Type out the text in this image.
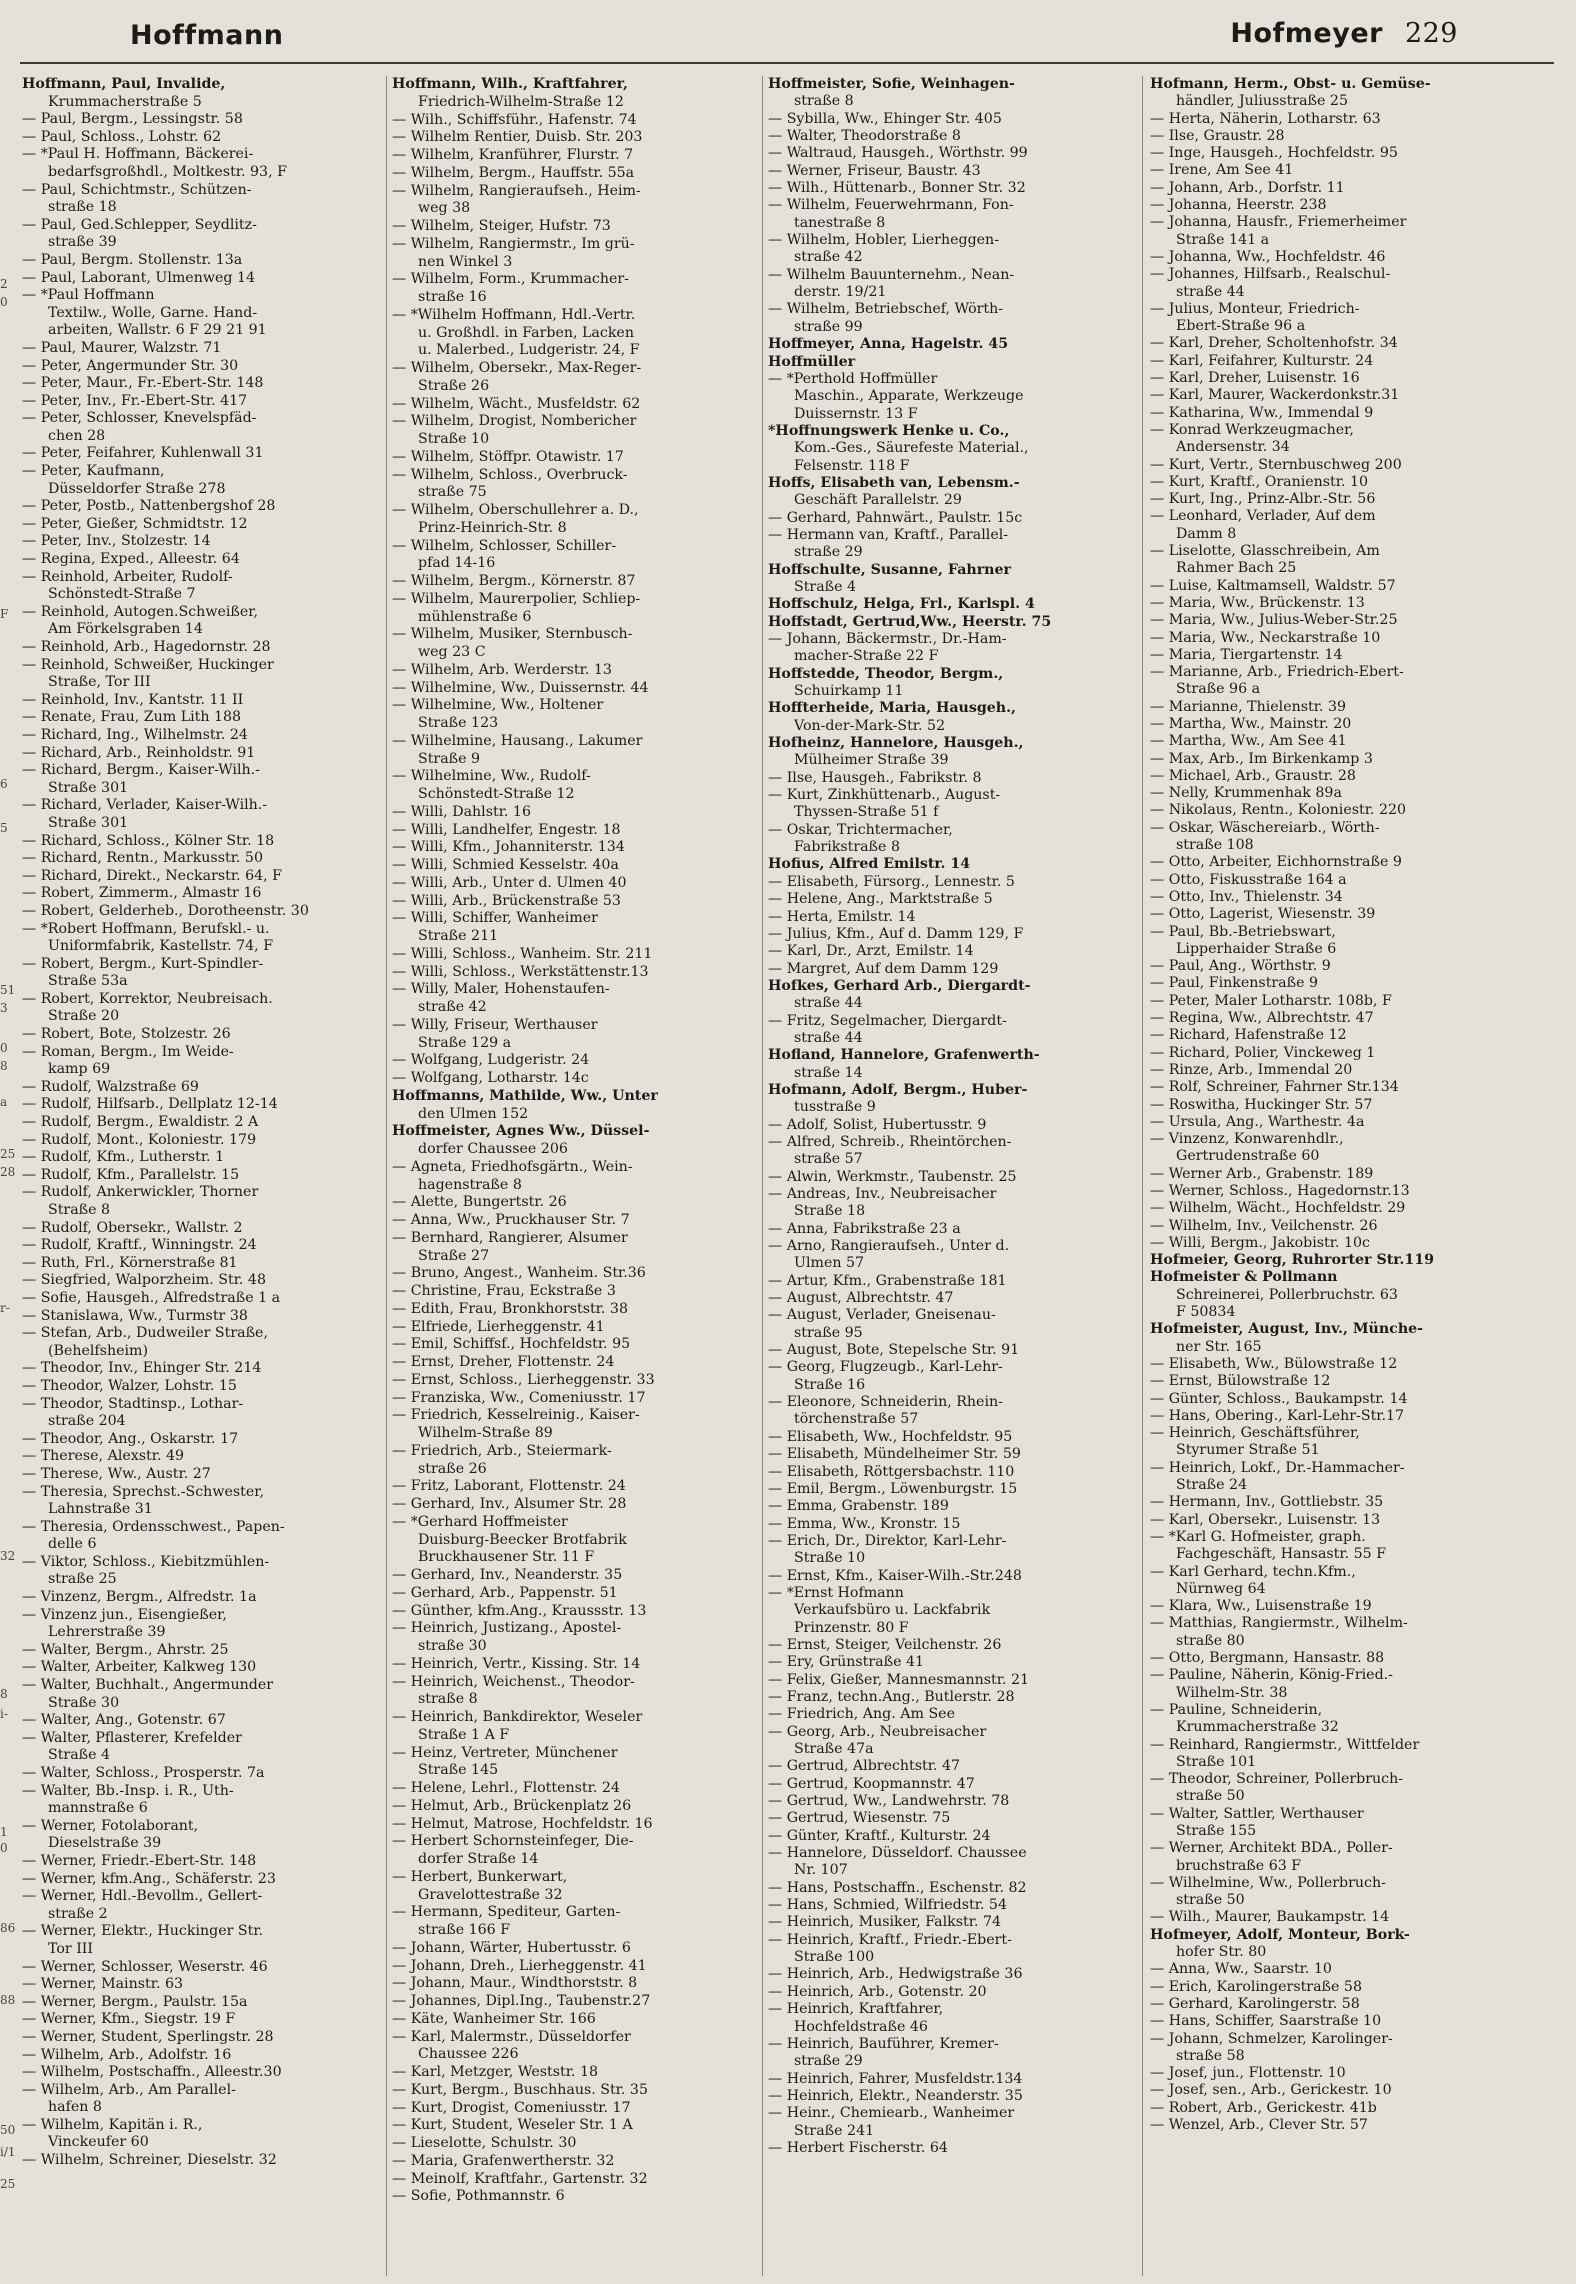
Hoffmann	Hofmeyer 229
2
0
F
6
5
51
3
0
8
a
25
28
r-
32
8
i-
1
0
86
88
50
i/1
25
Hoffmann, Paul, Invalide,
Krummacherstraße 5
— Paul, Bergm., Lessingstr. 58
— Paul, Schloss., Lohstr. 62
— *Paul H. Hoffmann, Bäckerei-
bedarfsgroßhdl., Moltkestr. 93, F
— Paul, Schichtmstr., Schützen-
straße 18
— Paul, Ged.Schlepper, Seydlitz-
straße 39
— Paul, Bergm. Stollenstr. 13a
— Paul, Laborant, Ulmenweg 14
— *Paul Hoffmann
Textilw., Wolle, Garne. Hand-
arbeiten, Wallstr. 6 F 29 21 91
— Paul, Maurer, Walzstr. 71
— Peter, Angermunder Str. 30
— Peter, Maur., Fr.-Ebert-Str. 148
— Peter, Inv., Fr.-Ebert-Str. 417
— Peter, Schlosser, Knevelspfäd-
chen 28
— Peter, Feifahrer, Kuhlenwall 31
— Peter, Kaufmann,
Düsseldorfer Straße 278
— Peter, Postb., Nattenbergshof 28
— Peter, Gießer, Schmidtstr. 12
— Peter, Inv., Stolzestr. 14
— Regina, Exped., Alleestr. 64
— Reinhold, Arbeiter, Rudolf-
Schönstedt-Straße 7
— Reinhold, Autogen.Schweißer,
Am Förkelsgraben 14
— Reinhold, Arb., Hagedornstr. 28
— Reinhold, Schweißer, Huckinger
Straße, Tor III
— Reinhold, Inv., Kantstr. 11 II
— Renate, Frau, Zum Lith 188
— Richard, Ing., Wilhelmstr. 24
— Richard, Arb., Reinholdstr. 91
— Richard, Bergm., Kaiser-Wilh.-
Straße 301
— Richard, Verlader, Kaiser-Wilh.-
Straße 301
— Richard, Schloss., Kölner Str. 18
— Richard, Rentn., Markusstr. 50
— Richard, Direkt., Neckarstr. 64, F
— Robert, Zimmerm., Almastr 16
— Robert, Gelderheb., Dorotheenstr. 30
— *Robert Hoffmann, Berufskl.- u.
Uniformfabrik, Kastellstr. 74, F
— Robert, Bergm., Kurt-Spindler-
Straße 53a
— Robert, Korrektor, Neubreisach.
Straße 20
— Robert, Bote, Stolzestr. 26
— Roman, Bergm., Im Weide-
kamp 69
— Rudolf, Walzstraße 69
— Rudolf, Hilfsarb., Dellplatz 12-14
— Rudolf, Bergm., Ewaldistr. 2 A
— Rudolf, Mont., Koloniestr. 179
— Rudolf, Kfm., Lutherstr. 1
— Rudolf, Kfm., Parallelstr. 15
— Rudolf, Ankerwickler, Thorner
Straße 8
— Rudolf, Obersekr., Wallstr. 2
— Rudolf, Kraftf., Winningstr. 24
— Ruth, Frl., Körnerstraße 81
— Siegfried, Walporzheim. Str. 48
— Sofie, Hausgeh., Alfredstraße 1 a
— Stanislawa, Ww., Turmstr 38
— Stefan, Arb., Dudweiler Straße,
(Behelfsheim)
— Theodor, Inv., Ehinger Str. 214
— Theodor, Walzer, Lohstr. 15
— Theodor, Stadtinsp., Lothar-
straße 204
— Theodor, Ang., Oskarstr. 17
— Therese, Alexstr. 49
— Therese, Ww., Austr. 27
— Theresia, Sprechst.-Schwester,
Lahnstraße 31
— Theresia, Ordensschwest., Papen-
delle 6
— Viktor, Schloss., Kiebitzmühlen-
straße 25
— Vinzenz, Bergm., Alfredstr. 1a
— Vinzenz jun., Eisengießer,
Lehrerstraße 39
— Walter, Bergm., Ahrstr. 25
— Walter, Arbeiter, Kalkweg 130
— Walter, Buchhalt., Angermunder
Straße 30
— Walter, Ang., Gotenstr. 67
— Walter, Pflasterer, Krefelder
Straße 4
— Walter, Schloss., Prosperstr. 7a
— Walter, Bb.-Insp. i. R., Uth-
mannstraße 6
— Werner, Fotolaborant,
Dieselstraße 39
— Werner, Friedr.-Ebert-Str. 148
— Werner, kfm.Ang., Schäferstr. 23
— Werner, Hdl.-Bevollm., Gellert-
straße 2
— Werner, Elektr., Huckinger Str.
Tor III
— Werner, Schlosser, Weserstr. 46
— Werner, Mainstr. 63
— Werner, Bergm., Paulstr. 15a
— Werner, Kfm., Siegstr. 19 F
— Werner, Student, Sperlingstr. 28
— Wilhelm, Arb., Adolfstr. 16
— Wilhelm, Postschaffn., Alleestr.30
— Wilhelm, Arb., Am Parallel-
hafen 8
— Wilhelm, Kapitän i. R.,
Vinckeufer 60
— Wilhelm, Schreiner, Dieselstr. 32
Hoffmann, Wilh., Kraftfahrer,
Friedrich-Wilhelm-Straße 12
— Wilh., Schiffsführ., Hafenstr. 74
— Wilhelm Rentier, Duisb. Str. 203
— Wilhelm, Kranführer, Flurstr. 7
— Wilhelm, Bergm., Hauffstr. 55a
— Wilhelm, Rangieraufseh., Heim-
weg 38
— Wilhelm, Steiger, Hufstr. 73
— Wilhelm, Rangiermstr., Im grü-
nen Winkel 3
— Wilhelm, Form., Krummacher-
straße 16
— *Wilhelm Hoffmann, Hdl.-Vertr.
u. Großhdl. in Farben, Lacken
u. Malerbed., Ludgeristr. 24, F
— Wilhelm, Obersekr., Max-Reger-
Straße 26
— Wilhelm, Wächt., Musfeldstr. 62
— Wilhelm, Drogist, Nombericher
Straße 10
— Wilhelm, Stöffpr. Otawistr. 17
— Wilhelm, Schloss., Overbruck-
straße 75
— Wilhelm, Oberschullehrer a. D.,
Prinz-Heinrich-Str. 8
— Wilhelm, Schlosser, Schiller-
pfad 14-16
— Wilhelm, Bergm., Körnerstr. 87
— Wilhelm, Maurerpolier, Schliep-
mühlenstraße 6
— Wilhelm, Musiker, Sternbusch-
weg 23 C
— Wilhelm, Arb. Werderstr. 13
— Wilhelmine, Ww., Duissernstr. 44
— Wilhelmine, Ww., Holtener
Straße 123
— Wilhelmine, Hausang., Lakumer
Straße 9
— Wilhelmine, Ww., Rudolf-
Schönstedt-Straße 12
— Willi, Dahlstr. 16
— Willi, Landhelfer, Engestr. 18
— Willi, Kfm., Johanniterstr. 134
— Willi, Schmied Kesselstr. 40a
— Willi, Arb., Unter d. Ulmen 40
— Willi, Arb., Brückenstraße 53
— Willi, Schiffer, Wanheimer
Straße 211
— Willi, Schloss., Wanheim. Str. 211
— Willi, Schloss., Werkstättenstr.13
— Willy, Maler, Hohenstaufen-
straße 42
— Willy, Friseur, Werthauser
Straße 129 a
— Wolfgang, Ludgeristr. 24
— Wolfgang, Lotharstr. 14c
Hoffmanns, Mathilde, Ww., Unter
den Ulmen 152
Hoffmeister, Agnes Ww., Düssel-
dorfer Chaussee 206
— Agneta, Friedhofsgärtn., Wein-
hagenstraße 8
— Alette, Bungertstr. 26
— Anna, Ww., Pruckhauser Str. 7
— Bernhard, Rangierer, Alsumer
Straße 27
— Bruno, Angest., Wanheim. Str.36
— Christine, Frau, Eckstraße 3
— Edith, Frau, Bronkhorststr. 38
— Elfriede, Lierheggenstr. 41
— Emil, Schiffsf., Hochfeldstr. 95
— Ernst, Dreher, Flottenstr. 24
— Ernst, Schloss., Lierheggenstr. 33
— Franziska, Ww., Comeniusstr. 17
— Friedrich, Kesselreinig., Kaiser-
Wilhelm-Straße 89
— Friedrich, Arb., Steiermark-
straße 26
— Fritz, Laborant, Flottenstr. 24
— Gerhard, Inv., Alsumer Str. 28
— *Gerhard Hoffmeister
Duisburg-Beecker Brotfabrik
Bruckhausener Str. 11 F
— Gerhard, Inv., Neanderstr. 35
— Gerhard, Arb., Pappenstr. 51
— Günther, kfm.Ang., Kraussstr. 13
— Heinrich, Justizang., Apostel-
straße 30
— Heinrich, Vertr., Kissing. Str. 14
— Heinrich, Weichenst., Theodor-
straße 8
— Heinrich, Bankdirektor, Weseler
Straße 1 A F
— Heinz, Vertreter, Münchener
Straße 145
— Helene, Lehrl., Flottenstr. 24
— Helmut, Arb., Brückenplatz 26
— Helmut, Matrose, Hochfeldstr. 16
— Herbert Schornsteinfeger, Die-
dorfer Straße 14
— Herbert, Bunkerwart,
Gravelottestraße 32
— Hermann, Spediteur, Garten-
straße 166 F
— Johann, Wärter, Hubertusstr. 6
— Johann, Dreh., Lierheggenstr. 41
— Johann, Maur., Windthorststr. 8
— Johannes, Dipl.Ing., Taubenstr.27
— Käte, Wanheimer Str. 166
— Karl, Malermstr., Düsseldorfer
Chaussee 226
— Karl, Metzger, Weststr. 18
— Kurt, Bergm., Buschhaus. Str. 35
— Kurt, Drogist, Comeniusstr. 17
— Kurt, Student, Weseler Str. 1 A
— Lieselotte, Schulstr. 30
— Maria, Grafenwertherstr. 32
— Meinolf, Kraftfahr., Gartenstr. 32
— Sofie, Pothmannstr. 6
Hoffmeister, Sofie, Weinhagen-
straße 8
— Sybilla, Ww., Ehinger Str. 405
— Walter, Theodorstraße 8
— Waltraud, Hausgeh., Wörthstr. 99
— Werner, Friseur, Baustr. 43
— Wilh., Hüttenarb., Bonner Str. 32
— Wilhelm, Feuerwehrmann, Fon-
tanestraße 8
— Wilhelm, Hobler, Lierheggen-
straße 42
— Wilhelm Bauunternehm., Nean-
derstr. 19/21
— Wilhelm, Betriebschef, Wörth-
straße 99
Hoffmeyer, Anna, Hagelstr. 45
Hoffmüller
— *Perthold Hoffmüller
Maschin., Apparate, Werkzeuge
Duissernstr. 13 F
*Hoffnungswerk Henke u. Co.,
Kom.-Ges., Säurefeste Material.,
Felsenstr. 118 F
Hoffs, Elisabeth van, Lebensm.-
Geschäft Parallelstr. 29
— Gerhard, Pahnwärt., Paulstr. 15c
— Hermann van, Kraftf., Parallel-
straße 29
Hoffschulte, Susanne, Fahrner
Straße 4
Hoffschulz, Helga, Frl., Karlspl. 4
Hoffstadt, Gertrud,Ww., Heerstr. 75
— Johann, Bäckermstr., Dr.-Ham-
macher-Straße 22 F
Hoffstedde, Theodor, Bergm.,
Schuirkamp 11
Hoffterheide, Maria, Hausgeh.,
Von-der-Mark-Str. 52
Hofheinz, Hannelore, Hausgeh.,
Mülheimer Straße 39
— Ilse, Hausgeh., Fabrikstr. 8
— Kurt, Zinkhüttenarb., August-
Thyssen-Straße 51 f
— Oskar, Trichtermacher,
Fabrikstraße 8
Hofius, Alfred Emilstr. 14
— Elisabeth, Fürsorg., Lennestr. 5
— Helene, Ang., Marktstraße 5
— Herta, Emilstr. 14
— Julius, Kfm., Auf d. Damm 129, F
— Karl, Dr., Arzt, Emilstr. 14
— Margret, Auf dem Damm 129
Hofkes, Gerhard Arb., Diergardt-
straße 44
— Fritz, Segelmacher, Diergardt-
straße 44
Hofland, Hannelore, Grafenwerth-
straße 14
Hofmann, Adolf, Bergm., Huber-
tusstraße 9
— Adolf, Solist, Hubertusstr. 9
— Alfred, Schreib., Rheintörchen-
straße 57
— Alwin, Werkmstr., Taubenstr. 25
— Andreas, Inv., Neubreisacher
Straße 18
— Anna, Fabrikstraße 23 a
— Arno, Rangieraufseh., Unter d.
Ulmen 57
— Artur, Kfm., Grabenstraße 181
— August, Albrechtstr. 47
— August, Verlader, Gneisenau-
straße 95
— August, Bote, Stepelsche Str. 91
— Georg, Flugzeugb., Karl-Lehr-
Straße 16
— Eleonore, Schneiderin, Rhein-
törchenstraße 57
— Elisabeth, Ww., Hochfeldstr. 95
— Elisabeth, Mündelheimer Str. 59
— Elisabeth, Röttgersbachstr. 110
— Emil, Bergm., Löwenburgstr. 15
— Emma, Grabenstr. 189
— Emma, Ww., Kronstr. 15
— Erich, Dr., Direktor, Karl-Lehr-
Straße 10
— Ernst, Kfm., Kaiser-Wilh.-Str.248
— *Ernst Hofmann
Verkaufsbüro u. Lackfabrik
Prinzenstr. 80 F
— Ernst, Steiger, Veilchenstr. 26
— Ery, Grünstraße 41
— Felix, Gießer, Mannesmannstr. 21
— Franz, techn.Ang., Butlerstr. 28
— Friedrich, Ang. Am See
— Georg, Arb., Neubreisacher
Straße 47a
— Gertrud, Albrechtstr. 47
— Gertrud, Koopmannstr. 47
— Gertrud, Ww., Landwehrstr. 78
— Gertrud, Wiesenstr. 75
— Günter, Kraftf., Kulturstr. 24
— Hannelore, Düsseldorf. Chaussee
Nr. 107
— Hans, Postschaffn., Eschenstr. 82
— Hans, Schmied, Wilfriedstr. 54
— Heinrich, Musiker, Falkstr. 74
— Heinrich, Kraftf., Friedr.-Ebert-
Straße 100
— Heinrich, Arb., Hedwigstraße 36
— Heinrich, Arb., Gotenstr. 20
— Heinrich, Kraftfahrer,
Hochfeldstraße 46
— Heinrich, Bauführer, Kremer-
straße 29
— Heinrich, Fahrer, Musfeldstr.134
— Heinrich, Elektr., Neanderstr. 35
— Heinr., Chemiearb., Wanheimer
Straße 241
— Herbert Fischerstr. 64
Hofmann, Herm., Obst- u. Gemüse-
händler, Juliusstraße 25
— Herta, Näherin, Lotharstr. 63
— Ilse, Graustr. 28
— Inge, Hausgeh., Hochfeldstr. 95
— Irene, Am See 41
— Johann, Arb., Dorfstr. 11
— Johanna, Heerstr. 238
— Johanna, Hausfr., Friemerheimer
Straße 141 a
— Johanna, Ww., Hochfeldstr. 46
— Johannes, Hilfsarb., Realschul-
straße 44
— Julius, Monteur, Friedrich-
Ebert-Straße 96 a
— Karl, Dreher, Scholtenhofstr. 34
— Karl, Feifahrer, Kulturstr. 24
— Karl, Dreher, Luisenstr. 16
— Karl, Maurer, Wackerdonkstr.31
— Katharina, Ww., Immendal 9
— Konrad Werkzeugmacher,
Andersenstr. 34
— Kurt, Vertr., Sternbuschweg 200
— Kurt, Kraftf., Oranienstr. 10
— Kurt, Ing., Prinz-Albr.-Str. 56
— Leonhard, Verlader, Auf dem
Damm 8
— Liselotte, Glasschreibein, Am
Rahmer Bach 25
— Luise, Kaltmamsell, Waldstr. 57
— Maria, Ww., Brückenstr. 13
— Maria, Ww., Julius-Weber-Str.25
— Maria, Ww., Neckarstraße 10
— Maria, Tiergartenstr. 14
— Marianne, Arb., Friedrich-Ebert-
Straße 96 a
— Marianne, Thielenstr. 39
— Martha, Ww., Mainstr. 20
— Martha, Ww., Am See 41
— Max, Arb., Im Birkenkamp 3
— Michael, Arb., Graustr. 28
— Nelly, Krummenhak 89a
— Nikolaus, Rentn., Koloniestr. 220
— Oskar, Wäschereiarb., Wörth-
straße 108
— Otto, Arbeiter, Eichhornstraße 9
— Otto, Fiskusstraße 164 a
— Otto, Inv., Thielenstr. 34
— Otto, Lagerist, Wiesenstr. 39
— Paul, Bb.-Betriebswart,
Lipperhaider Straße 6
— Paul, Ang., Wörthstr. 9
— Paul, Finkenstraße 9
— Peter, Maler Lotharstr. 108b, F
— Regina, Ww., Albrechtstr. 47
— Richard, Hafenstraße 12
— Richard, Polier, Vinckeweg 1
— Rinze, Arb., Immendal 20
— Rolf, Schreiner, Fahrner Str.134
— Roswitha, Huckinger Str. 57
— Ursula, Ang., Warthestr. 4a
— Vinzenz, Konwarenhdlr.,
Gertrudenstraße 60
— Werner Arb., Grabenstr. 189
— Werner, Schloss., Hagedornstr.13
— Wilhelm, Wächt., Hochfeldstr. 29
— Wilhelm, Inv., Veilchenstr. 26
— Willi, Bergm., Jakobistr. 10c
Hofmeier, Georg, Ruhrorter Str.119
Hofmeister & Pollmann
Schreinerei, Pollerbruchstr. 63
F 50834
Hofmeister, August, Inv., Münche-
ner Str. 165
— Elisabeth, Ww., Bülowstraße 12
— Ernst, Bülowstraße 12
— Günter, Schloss., Baukampstr. 14
— Hans, Obering., Karl-Lehr-Str.17
— Heinrich, Geschäftsführer,
Styrumer Straße 51
— Heinrich, Lokf., Dr.-Hammacher-
Straße 24
— Hermann, Inv., Gottliebstr. 35
— Karl, Obersekr., Luisenstr. 13
— *Karl G. Hofmeister, graph.
Fachgeschäft, Hansastr. 55 F
— Karl Gerhard, techn.Kfm.,
Nürnweg 64
— Klara, Ww., Luisenstraße 19
— Matthias, Rangiermstr., Wilhelm-
straße 80
— Otto, Bergmann, Hansastr. 88
— Pauline, Näherin, König-Fried.-
Wilhelm-Str. 38
— Pauline, Schneiderin,
Krummacherstraße 32
— Reinhard, Rangiermstr., Wittfelder
Straße 101
— Theodor, Schreiner, Pollerbruch-
straße 50
— Walter, Sattler, Werthauser
Straße 155
— Werner, Architekt BDA., Poller-
bruchstraße 63 F
— Wilhelmine, Ww., Pollerbruch-
straße 50
— Wilh., Maurer, Baukampstr. 14
Hofmeyer, Adolf, Monteur, Bork-
hofer Str. 80
— Anna, Ww., Saarstr. 10
— Erich, Karolingerstraße 58
— Gerhard, Karolingerstr. 58
— Hans, Schiffer, Saarstraße 10
— Johann, Schmelzer, Karolinger-
straße 58
— Josef, jun., Flottenstr. 10
— Josef, sen., Arb., Gerickestr. 10
— Robert, Arb., Gerickestr. 41b
— Wenzel, Arb., Clever Str. 57
